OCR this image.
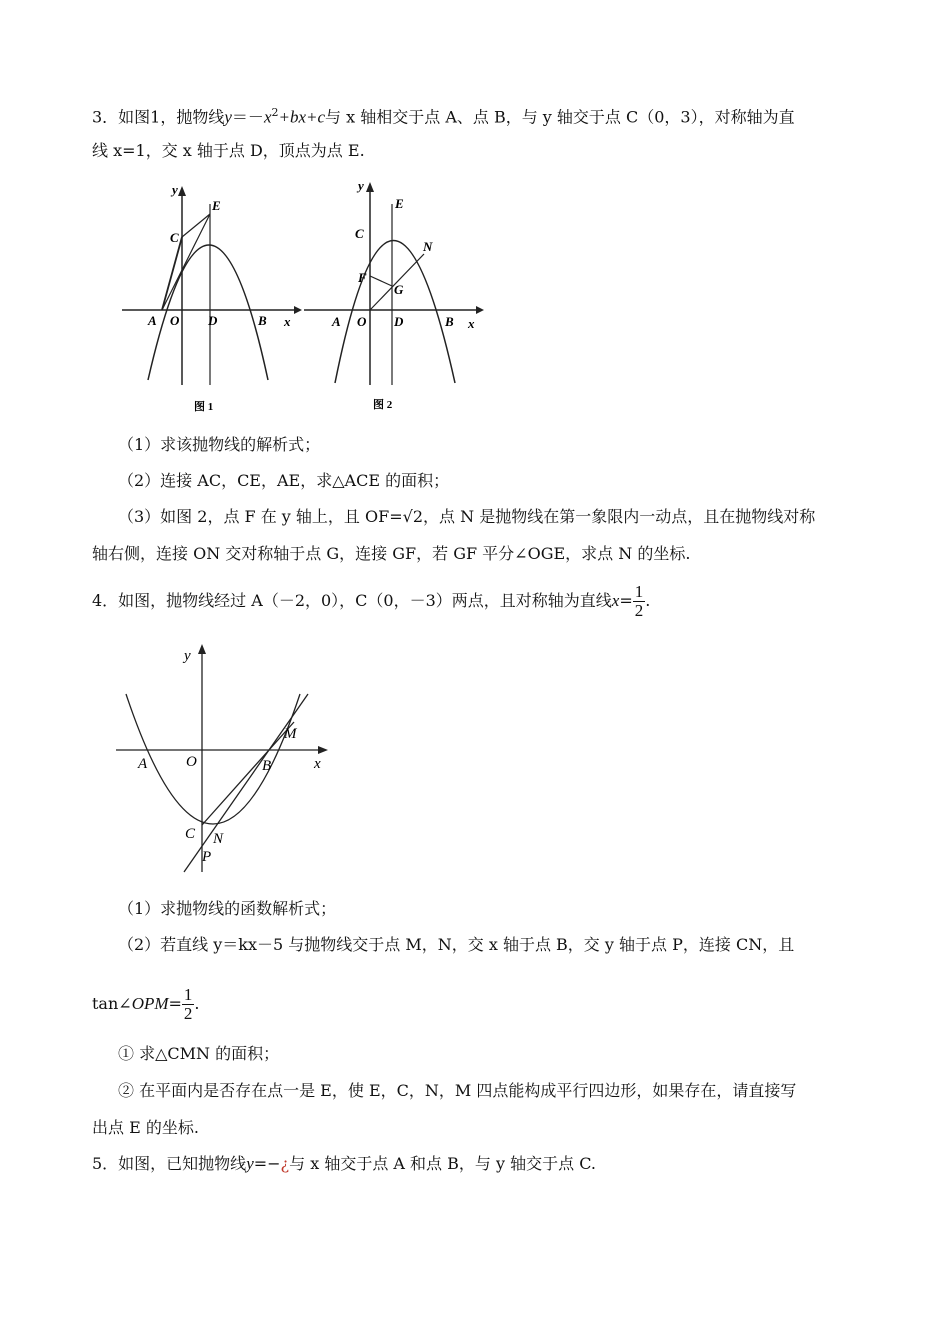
3．如图1，抛物线$y=-x^2+bx+c$与 x 轴相交于点 A、点 B，与 y 轴交于点 C（0，3），对称轴为直
线 x=1，交 x 轴于点 D，顶点为点 E.
y
x
E
C
A O D	B
图 1
y
x
E
C
N
F
G
A O D	B
图 2
（1）求该抛物线的解析式；
（2）连接 AC，CE，AE，求△ACE 的面积；
（3）如图 2，点 F 在 y 轴上，且 OF=√2，点 N 是抛物线在第一象限内一动点，且在抛物线对称
轴右侧，连接 ON 交对称轴于点 G，连接 GF，若 GF 平分∠OGE，求点 N 的坐标.
4．如图，抛物线经过 A（－2，0），C（0，－3）两点，且对称轴为直线$x= \frac{1}{2}$ .
y
x
M
A	O	B
C N
P
（1）求抛物线的函数解析式；
（2）若直线 y＝kx－5 与抛物线交于点 M，N，交 x 轴于点 B，交 y 轴于点 P，连接 CN，且
tan∠OPM= $\frac{1}{2}$ .
① 求△CMN 的面积；
② 在平面内是否存在点一是 E，使 E，C，N，M 四点能构成平行四边形，如果存在，请直接写
出点 E 的坐标.
5．如图，已知抛物线y=−¿与 x 轴交于点 A 和点 B，与 y 轴交于点 C.
